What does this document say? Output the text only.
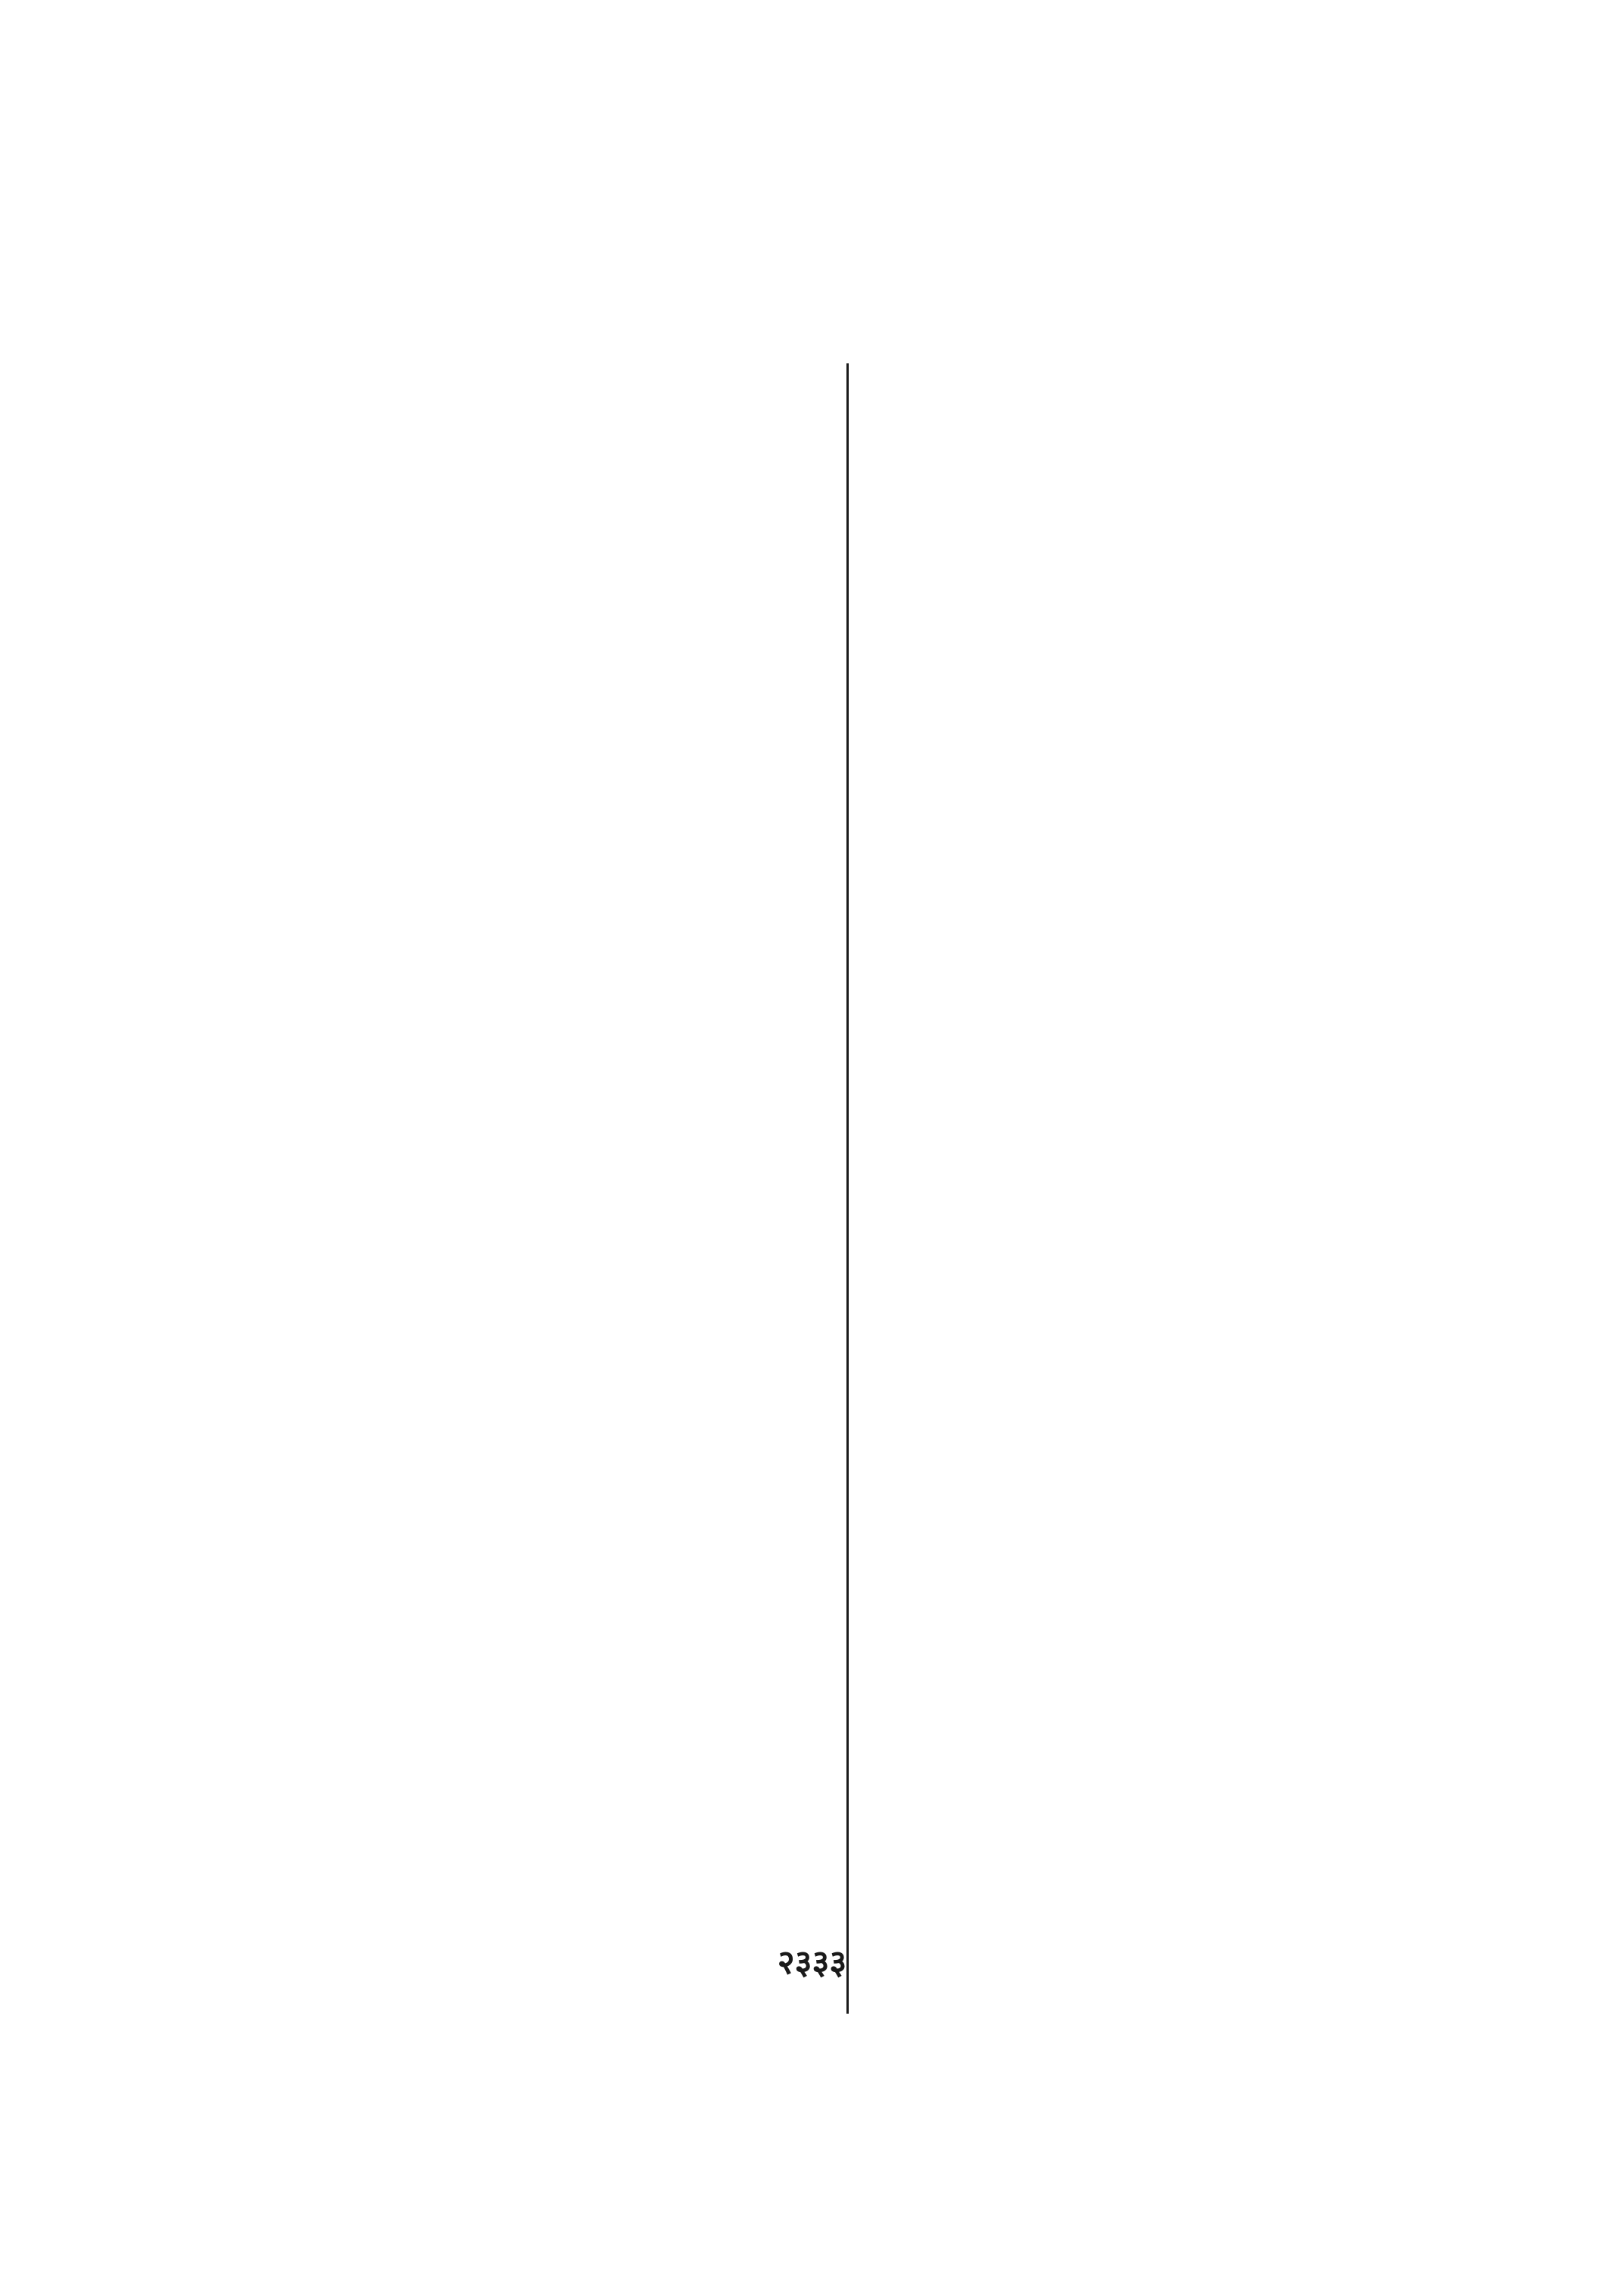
२३३३
